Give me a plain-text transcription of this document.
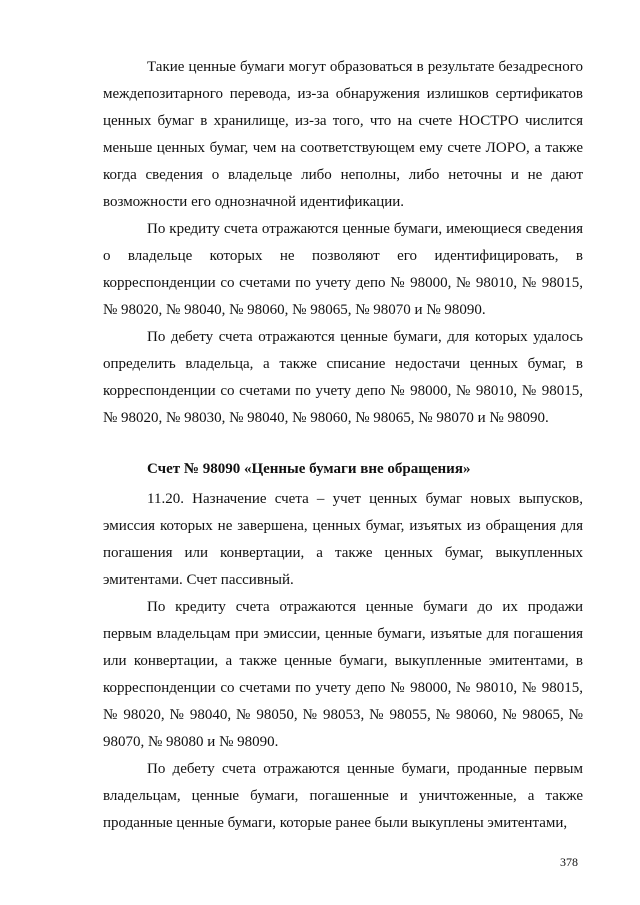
Такие ценные бумаги могут образоваться в результате безадресного междепозитарного перевода, из-за обнаружения излишков сертификатов ценных бумаг в хранилище, из-за того, что на счете НОСТРО числится меньше ценных бумаг, чем на соответствующем ему счете ЛОРО, а также когда сведения о владельце либо неполны, либо неточны и не дают возможности его однозначной идентификации.

По кредиту счета отражаются ценные бумаги, имеющиеся сведения о владельце которых не позволяют его идентифицировать, в корреспонденции со счетами по учету депо № 98000, № 98010, № 98015, № 98020, № 98040, № 98060, № 98065, № 98070 и № 98090.

По дебету счета отражаются ценные бумаги, для которых удалось определить владельца, а также списание недостачи ценных бумаг, в корреспонденции со счетами по учету депо № 98000, № 98010, № 98015, № 98020, № 98030, № 98040, № 98060, № 98065, № 98070 и № 98090.

Счет № 98090 «Ценные бумаги вне обращения»

11.20. Назначение счета – учет ценных бумаг новых выпусков, эмиссия которых не завершена, ценных бумаг, изъятых из обращения для погашения или конвертации, а также ценных бумаг, выкупленных эмитентами. Счет пассивный.

По кредиту счета отражаются ценные бумаги до их продажи первым владельцам при эмиссии, ценные бумаги, изъятые для погашения или конвертации, а также ценные бумаги, выкупленные эмитентами, в корреспонденции со счетами по учету депо № 98000, № 98010, № 98015, № 98020, № 98040, № 98050, № 98053, № 98055, № 98060, № 98065, № 98070, № 98080 и № 98090.

По дебету счета отражаются ценные бумаги, проданные первым владельцам, ценные бумаги, погашенные и уничтоженные, а также проданные ценные бумаги, которые ранее были выкуплены эмитентами,

378
